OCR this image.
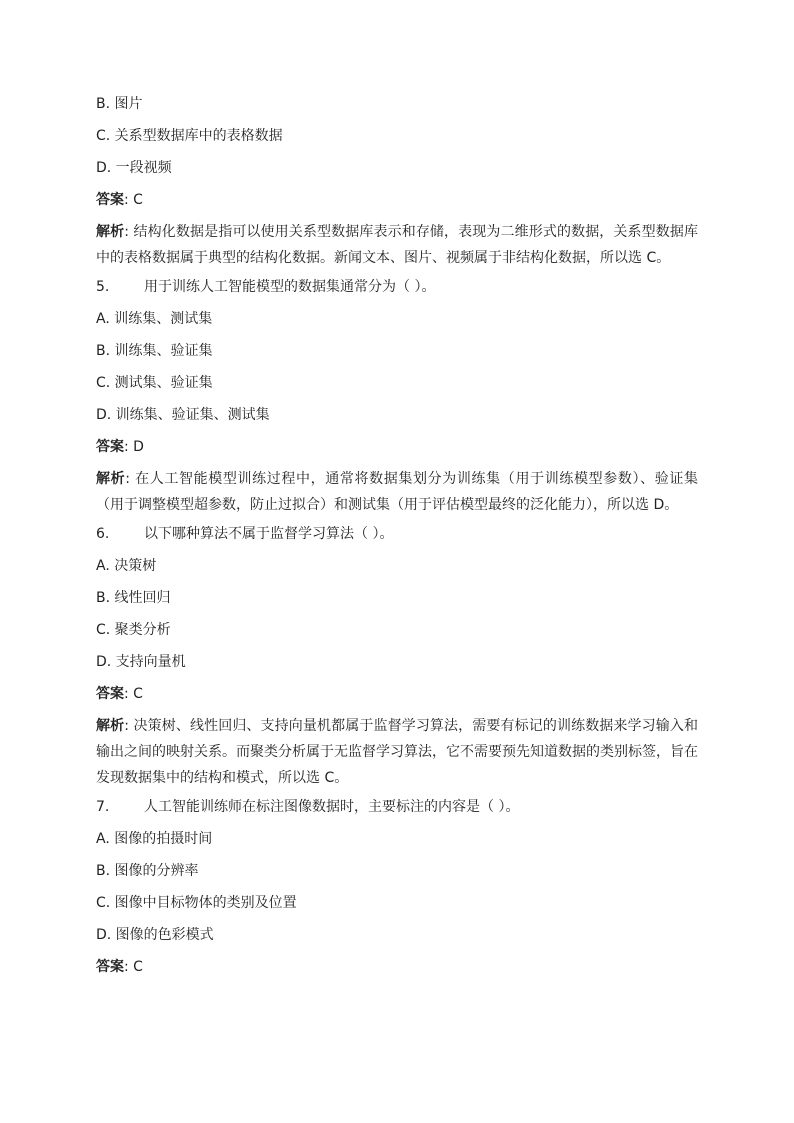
B. 图片
C. 关系型数据库中的表格数据
D. 一段视频
答案: C
解析: 结构化数据是指可以使用关系型数据库表示和存储，表现为二维形式的数据，关系型数据库中的表格数据属于典型的结构化数据。新闻文本、图片、视频属于非结构化数据，所以选 C。
5. 用于训练人工智能模型的数据集通常分为（ ）。
A. 训练集、测试集
B. 训练集、验证集
C. 测试集、验证集
D. 训练集、验证集、测试集
答案: D
解析: 在人工智能模型训练过程中，通常将数据集划分为训练集（用于训练模型参数）、验证集（用于调整模型超参数，防止过拟合）和测试集（用于评估模型最终的泛化能力），所以选 D。
6. 以下哪种算法不属于监督学习算法（ ）。
A. 决策树
B. 线性回归
C. 聚类分析
D. 支持向量机
答案: C
解析: 决策树、线性回归、支持向量机都属于监督学习算法，需要有标记的训练数据来学习输入和输出之间的映射关系。而聚类分析属于无监督学习算法，它不需要预先知道数据的类别标签，旨在发现数据集中的结构和模式，所以选 C。
7. 人工智能训练师在标注图像数据时，主要标注的内容是（ ）。
A. 图像的拍摄时间
B. 图像的分辨率
C. 图像中目标物体的类别及位置
D. 图像的色彩模式
答案: C
